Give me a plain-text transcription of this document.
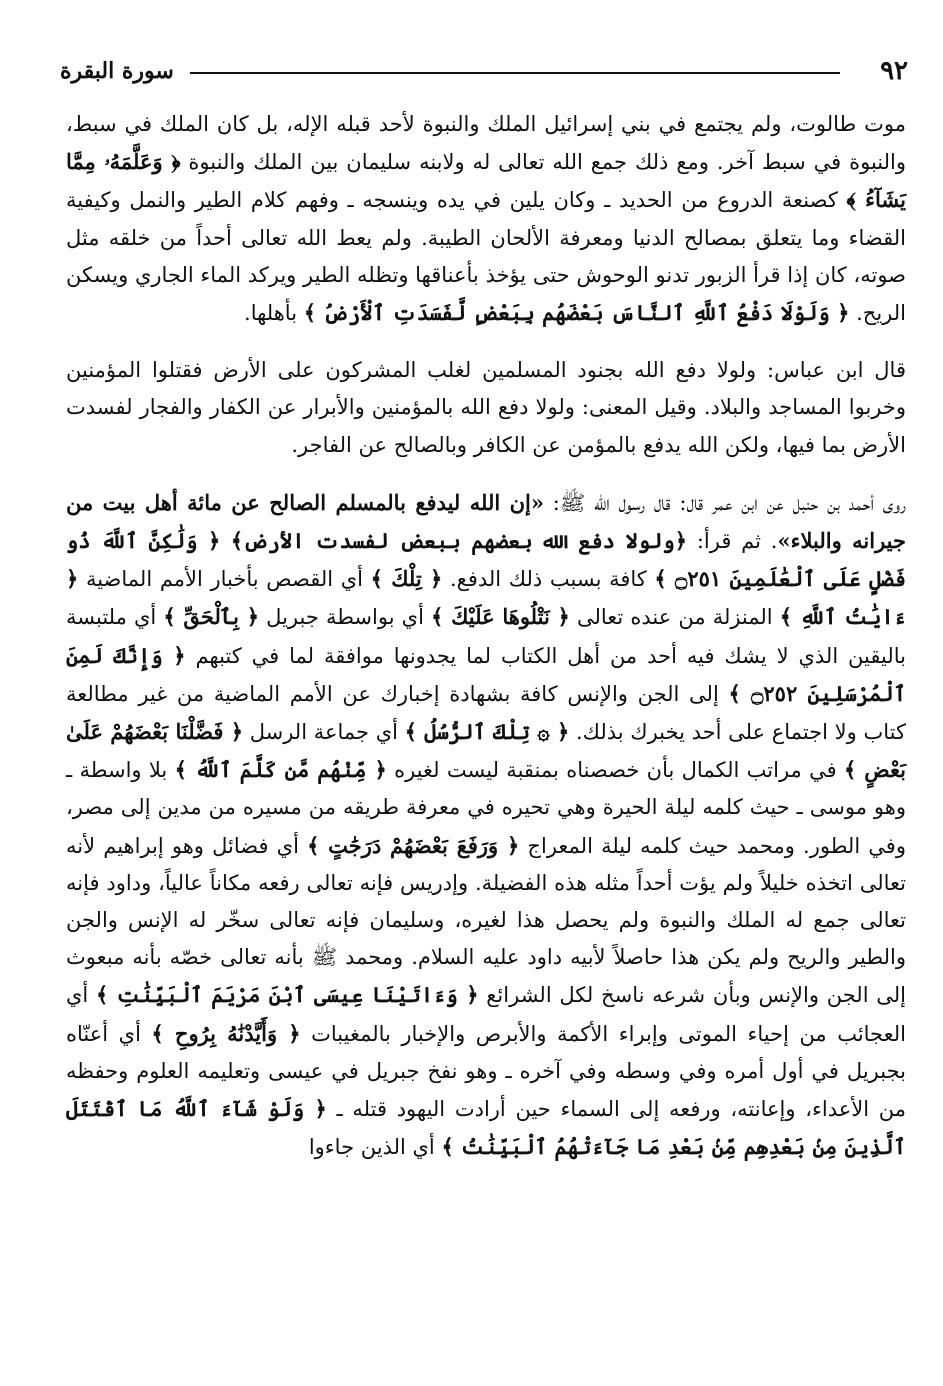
٩٢
سورة البقرة

موت طالوت، ولم يجتمع في بني إسرائيل الملك والنبوة لأحد قبله الإله، بل كان الملك في سبط، والنبوة في سبط آخر. ومع ذلك جمع الله تعالى له ولابنه سليمان بين الملك والنبوة ﴿ وَعَلَّمَهُۥ مِمَّا يَشَآءُ ﴾ كصنعة الدروع من الحديد ـ وكان يلين في يده وينسجه ـ وفهم كلام الطير والنمل وكيفية القضاء وما يتعلق بمصالح الدنيا ومعرفة الألحان الطيبة. ولم يعط الله تعالى أحداً من خلقه مثل صوته، كان إذا قرأ الزبور تدنو الوحوش حتى يؤخذ بأعناقها وتظله الطير ويركد الماء الجاري ويسكن الريح. ﴿ وَلَوْلَا دَفْعُ ٱللَّهِ ٱلنَّاسَ بَعْضَهُم بِبَعْضٍ لَّفَسَدَتِ ٱلْأَرْضُ ﴾ بأهلها.

قال ابن عباس: ولولا دفع الله بجنود المسلمين لغلب المشركون على الأرض فقتلوا المؤمنين وخربوا المساجد والبلاد. وقيل المعنى: ولولا دفع الله بالمؤمنين والأبرار عن الكفار والفجار لفسدت الأرض بما فيها، ولكن الله يدفع بالمؤمن عن الكافر وبالصالح عن الفاجر.

روى أحمد بن حنبل عن ابن عمر قال: قال رسول الله ﷺ: «إن الله ليدفع بالمسلم الصالح عن مائة أهل بيت من جيرانه والبلاء». ثم قرأ: ﴿ولولا دفع الله بعضهم ببعض لفسدت الأرض﴾ ﴿ وَلَٰكِنَّ ٱللَّهَ ذُو فَضْلٍ عَلَى ٱلْعَٰلَمِينَ ۝٢٥١ ﴾ كافة بسبب ذلك الدفع. ﴿ تِلْكَ ﴾ أي القصص بأخبار الأمم الماضية ﴿ ءَايَٰتُ ٱللَّهِ ﴾ المنزلة من عنده تعالى ﴿ نَتْلُوهَا عَلَيْكَ ﴾ أي بواسطة جبريل ﴿ بِٱلْحَقِّ ﴾ أي ملتبسة باليقين الذي لا يشك فيه أحد من أهل الكتاب لما يجدونها موافقة لما في كتبهم ﴿ وَإِنَّكَ لَمِنَ ٱلْمُرْسَلِينَ ۝٢٥٢ ﴾ إلى الجن والإنس كافة بشهادة إخبارك عن الأمم الماضية من غير مطالعة كتاب ولا اجتماع على أحد يخبرك بذلك. ﴿ ۞ تِلْكَ ٱلرُّسُلُ ﴾ أي جماعة الرسل ﴿ فَضَّلْنَا بَعْضَهُمْ عَلَىٰ بَعْضٍ ﴾ في مراتب الكمال بأن خصصناه بمنقبة ليست لغيره ﴿ مِّنْهُم مَّن كَلَّمَ ٱللَّهُ ﴾ بلا واسطة ـ وهو موسى ـ حيث كلمه ليلة الحيرة وهي تحيره في معرفة طريقه من مسيره من مدين إلى مصر، وفي الطور. ومحمد حيث كلمه ليلة المعراج ﴿ وَرَفَعَ بَعْضَهُمْ دَرَجَٰتٍ ﴾ أي فضائل وهو إبراهيم لأنه تعالى اتخذه خليلاً ولم يؤت أحداً مثله هذه الفضيلة. وإدريس فإنه تعالى رفعه مكاناً عالياً، وداود فإنه تعالى جمع له الملك والنبوة ولم يحصل هذا لغيره، وسليمان فإنه تعالى سخّر له الإنس والجن والطير والريح ولم يكن هذا حاصلاً لأبيه داود عليه السلام. ومحمد ﷺ بأنه تعالى خصّه بأنه مبعوث إلى الجن والإنس وبأن شرعه ناسخ لكل الشرائع ﴿ وَءَاتَيْنَا عِيسَى ٱبْنَ مَرْيَمَ ٱلْبَيِّنَٰتِ ﴾ أي العجائب من إحياء الموتى وإبراء الأكمة والأبرص والإخبار بالمغيبات ﴿ وَأَيَّدْنَٰهُ بِرُوحِ ﴾ أي أعنّاه بجبريل في أول أمره وفي وسطه وفي آخره ـ وهو نفخ جبريل في عيسى وتعليمه العلوم وحفظه من الأعداء، وإعانته، ورفعه إلى السماء حين أرادت اليهود قتله ـ ﴿ وَلَوْ شَآءَ ٱللَّهُ مَا ٱقْتَتَلَ ٱلَّذِينَ مِنۢ بَعْدِهِم مِّنۢ بَعْدِ مَا جَآءَتْهُمُ ٱلْبَيِّنَٰتُ ﴾ أي الذين جاءوا
